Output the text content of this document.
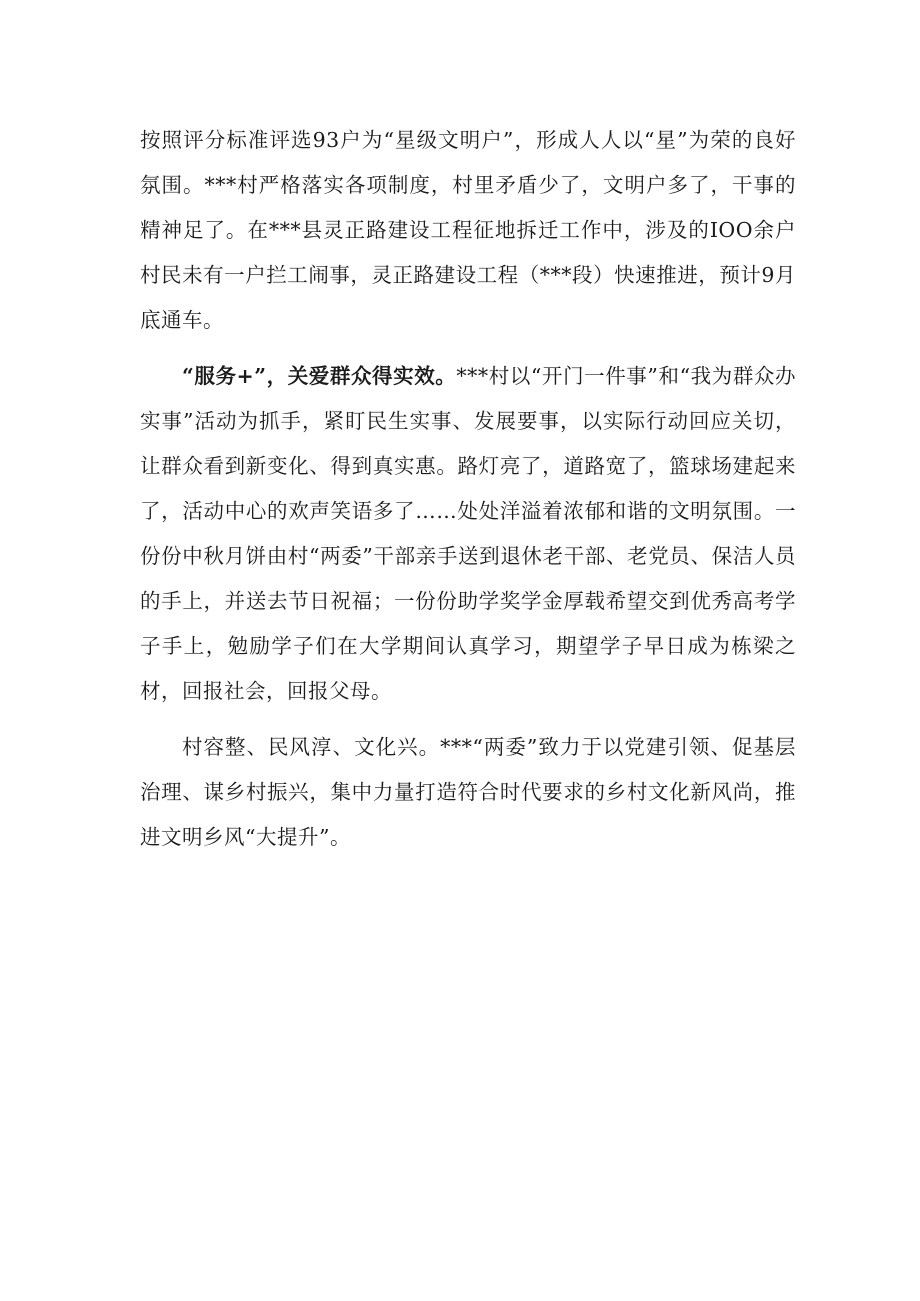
按照评分标准评选93户为“星级文明户”，形成人人以“星”为荣的良好氛围。***村严格落实各项制度，村里矛盾少了，文明户多了，干事的精神足了。在***县灵正路建设工程征地拆迁工作中，涉及的IOO余户村民未有一户拦工闹事，灵正路建设工程（***段）快速推进，预计9月底通车。

“服务+”，关爱群众得实效。***村以“开门一件事”和“我为群众办实事”活动为抓手，紧盯民生实事、发展要事，以实际行动回应关切，让群众看到新变化、得到真实惠。路灯亮了，道路宽了，篮球场建起来了，活动中心的欢声笑语多了……处处洋溢着浓郁和谐的文明氛围。一份份中秋月饼由村“两委”干部亲手送到退休老干部、老党员、保洁人员的手上，并送去节日祝福；一份份助学奖学金厚载希望交到优秀高考学子手上，勉励学子们在大学期间认真学习，期望学子早日成为栋梁之材，回报社会，回报父母。

村容整、民风淳、文化兴。***“两委”致力于以党建引领、促基层治理、谋乡村振兴，集中力量打造符合时代要求的乡村文化新风尚，推进文明乡风“大提升”。
